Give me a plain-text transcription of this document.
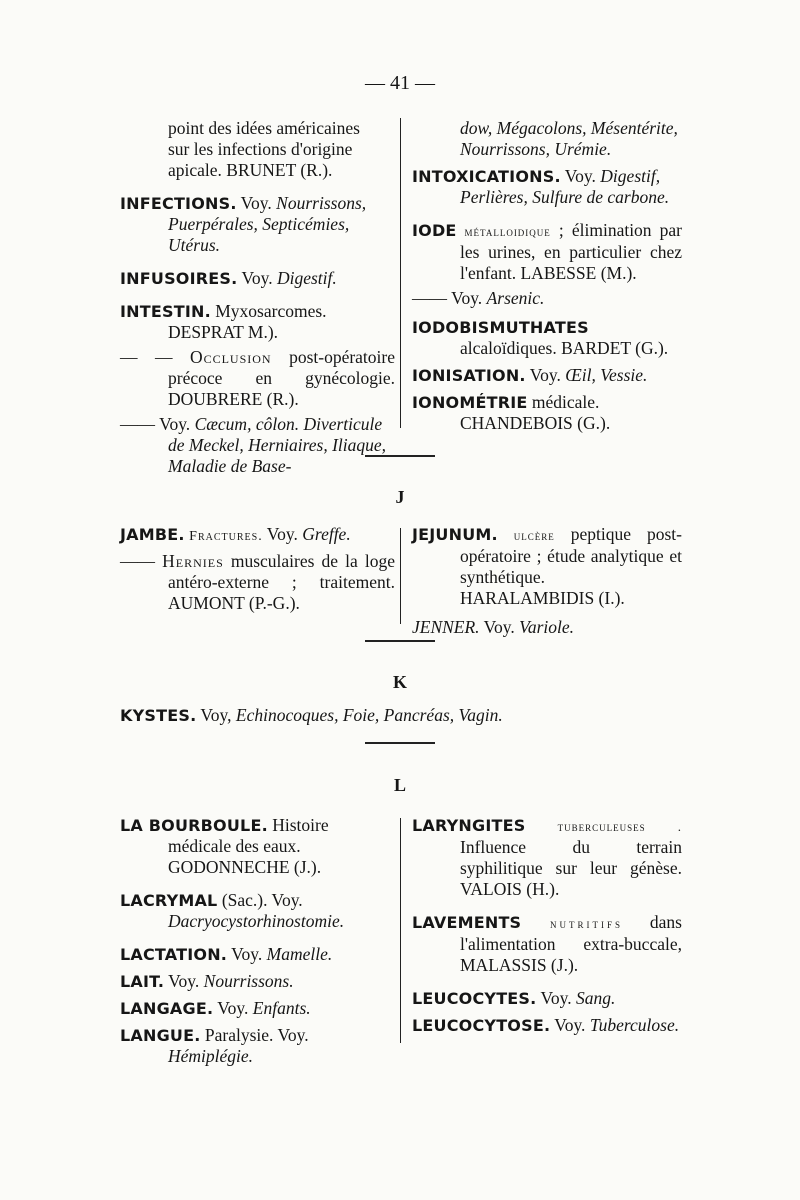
— 41 —
point des idées américaines
sur les infections d'origine
apicale. BRUNET (R.).
INFECTIONS. Voy. Nourrissons, Puerpérales, Septicémies, Utérus.
INFUSOIRES. Voy. Digestif.
INTESTIN. Myxosarcomes. DESPRAT M.).
— — Occlusion post-opératoire précoce en gynécologie. DOUBRERE (R.).
—— Voy. Cæcum, côlon. Diverticule de Meckel, Herniaires, Iliaque, Maladie de Base-
dow, Mégacolons, Mésentérite, Nourrissons, Urémie.
INTOXICATIONS. Voy. Digestif, Perlières, Sulfure de carbone.
IODE métalloidique ; élimination par les urines, en particulier chez l'enfant. LABESSE (M.).
—— Voy. Arsenic.
IODOBISMUTHATES alcaloïdiques. BARDET (G.).
IONISATION. Voy. Œil, Vessie.
IONOMÉTRIE médicale. CHANDEBOIS (G.).
J
JAMBE. Fractures. Voy. Greffe.
—— Hernies musculaires de la loge antéro-externe ; traitement. AUMONT (P.-G.).
JEJUNUM. ulcère peptique post-opératoire ; étude analytique et synthétique. HARALAMBIDIS (I.).
JENNER. Voy. Variole.
K
KYSTES. Voy, Echinocoques, Foie, Pancréas, Vagin.
L
LA BOURBOULE. Histoire médicale des eaux. GODONNECHE (J.).
LACRYMAL (Sac.). Voy. Dacryocystorhinostomie.
LACTATION. Voy. Mamelle.
LAIT. Voy. Nourrissons.
LANGAGE. Voy. Enfants.
LANGUE. Paralysie. Voy. Hémiplégie.
LARYNGITES tuberculeuses . Influence du terrain syphilitique sur leur génèse. VALOIS (H.).
LAVEMENTS nutritifs dans l'alimentation extra-buccale, MALASSIS (J.).
LEUCOCYTES. Voy. Sang.
LEUCOCYTOSE. Voy. Tuberculose.
